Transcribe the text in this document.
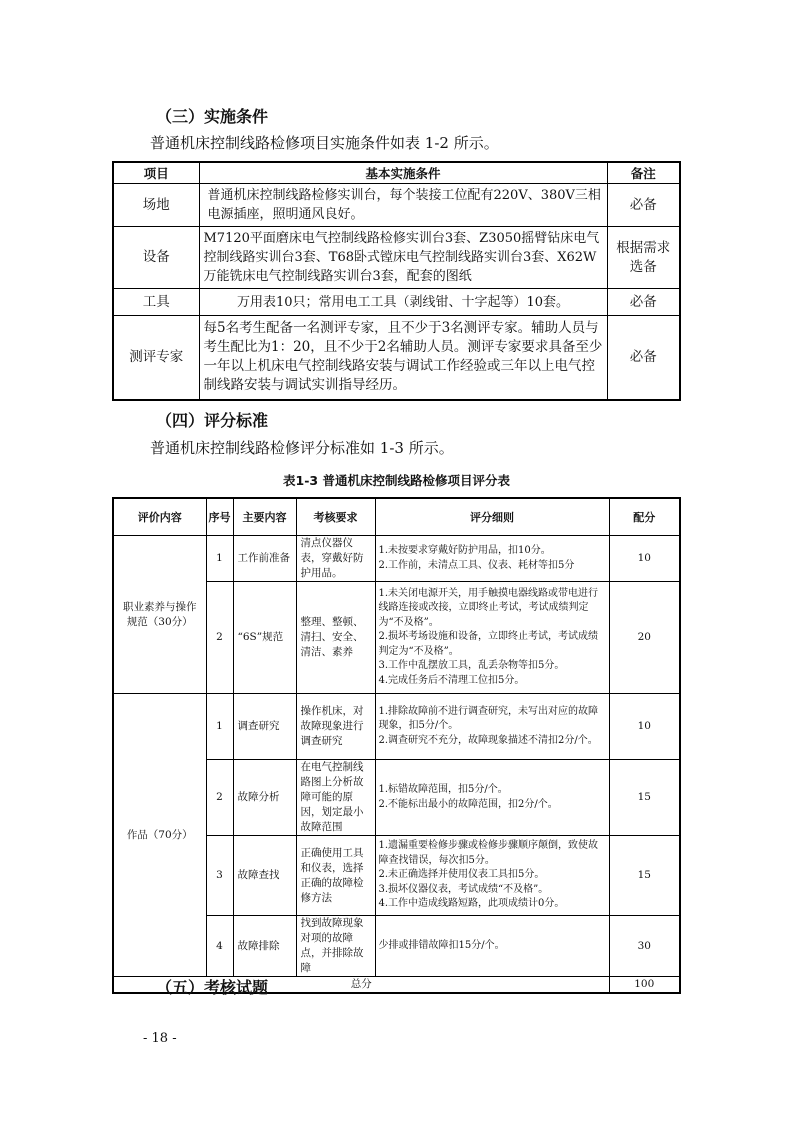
（三）实施条件
普通机床控制线路检修项目实施条件如表 1-2 所示。
项目	基本实施条件	备注
场地	普通机床控制线路检修实训台，每个装接工位配有220V、380V三相电源插座，照明通风良好。	必备
设备	M7120平面磨床电气控制线路检修实训台3套、Z3050摇臂钻床电气控制线路实训台3套、T68卧式镗床电气控制线路实训台3套、X62W万能铣床电气控制线路实训台3套，配套的图纸	根据需求选备
工具	万用表10只；常用电工工具（剥线钳、十字起等）10套。	必备
测评专家	每5名考生配备一名测评专家，且不少于3名测评专家。辅助人员与考生配比为1：20，且不少于2名辅助人员。测评专家要求具备至少一年以上机床电气控制线路安装与调试工作经验或三年以上电气控制线路安装与调试实训指导经历。	必备
（四）评分标准
普通机床控制线路检修评分标准如 1-3 所示。
表1-3 普通机床控制线路检修项目评分表
评价内容	序号	主要内容	考核要求	评分细则	配分
职业素养与操作规范（30分）	1	工作前准备	清点仪器仪表，穿戴好防护用品。	1.未按要求穿戴好防护用品，扣10分。
2.工作前，未清点工具、仪表、耗材等扣5分	10
	2	“6S”规范	整理、整顿、清扫、安全、清洁、素养	1.未关闭电源开关，用手触摸电器线路或带电进行线路连接或改接，立即终止考试，考试成绩判定为“不及格”。
2.损坏考场设施和设备，立即终止考试，考试成绩判定为“不及格”。
3.工作中乱摆放工具，乱丢杂物等扣5分。
4.完成任务后不清理工位扣5分。	20
作品（70分）	1	调查研究	操作机床，对故障现象进行调查研究	1.排除故障前不进行调查研究，未写出对应的故障现象，扣5分/个。
2.调查研究不充分，故障现象描述不清扣2分/个。	10
	2	故障分析	在电气控制线路图上分析故障可能的原因，划定最小故障范围	1.标错故障范围，扣5分/个。
2.不能标出最小的故障范围，扣2分/个。	15
	3	故障查找	正确使用工具和仪表，选择正确的故障检修方法	1.遗漏重要检修步骤或检修步骤顺序颠倒，致使故障查找错误，每次扣5分。
2.未正确选择并使用仪表工具扣5分。
3.损坏仪器仪表，考试成绩“不及格”。
4.工作中造成线路短路，此项成绩计0分。	15
	4	故障排除	找到故障现象对项的故障点，并排除故障	少排或排错故障扣15分/个。	30
总分					100
（五）考核试题
- 18 -
